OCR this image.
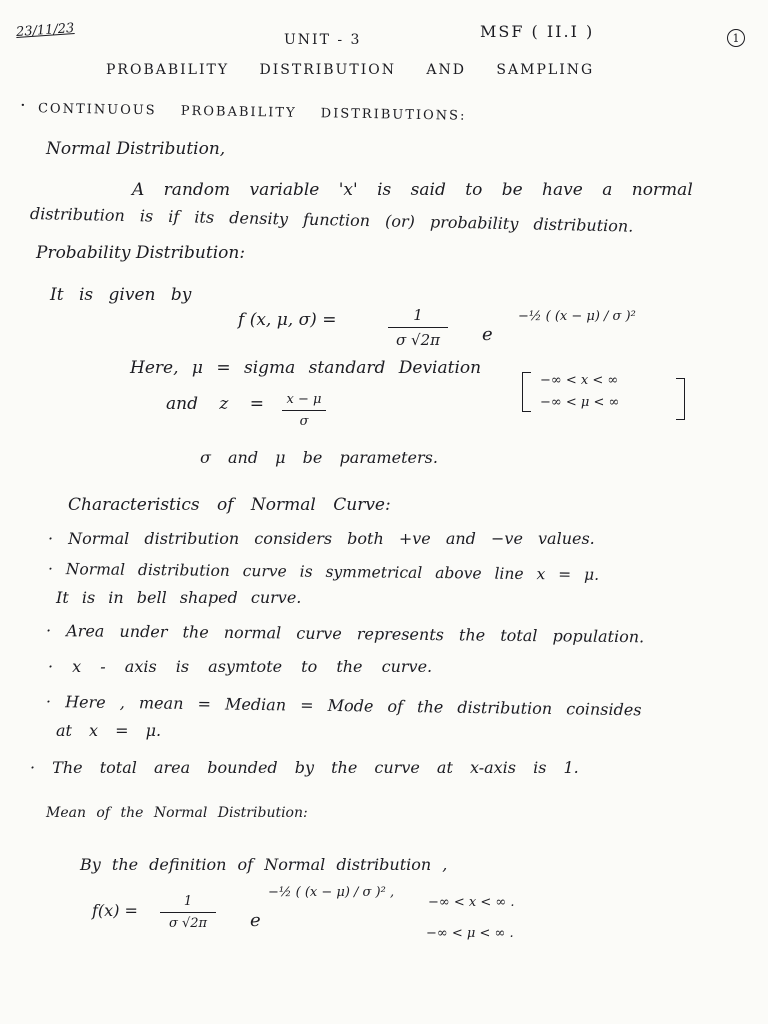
23/11/23	UNIT - 3	MSF ( II.I )	1
PROBABILITY DISTRIBUTION AND SAMPLING
· CONTINUOUS PROBABILITY DISTRIBUTIONS:
Normal Distribution,
A random variable 'x' is said to be have a normal
distribution is if its density function (or) probability distribution.
Probability Distribution:
It is given by
f (x, μ, σ) =	1
σ √2π e
−½ ( (x − μ) / σ )²
Here, μ = sigma standard Deviation
and z = x − μ
σ
−∞ < x < ∞
−∞ < μ < ∞
σ and μ be parameters.
Characteristics of Normal Curve:
· Normal distribution considers both +ve and −ve values.
· Normal distribution curve is symmetrical above line x = μ.
It is in bell shaped curve.
· Area under the normal curve represents the total population.
· x - axis is asymtote to the curve.
· Here , mean = Median = Mode of the distribution coinsides
at x = μ.
· The total area bounded by the curve at x-axis is 1.
Mean of the Normal Distribution:
By the definition of Normal distribution ,
f(x) =	1
σ √2π e
−½ ( (x − μ) / σ )² ,
−∞ < x < ∞ .
−∞ < μ < ∞ .
